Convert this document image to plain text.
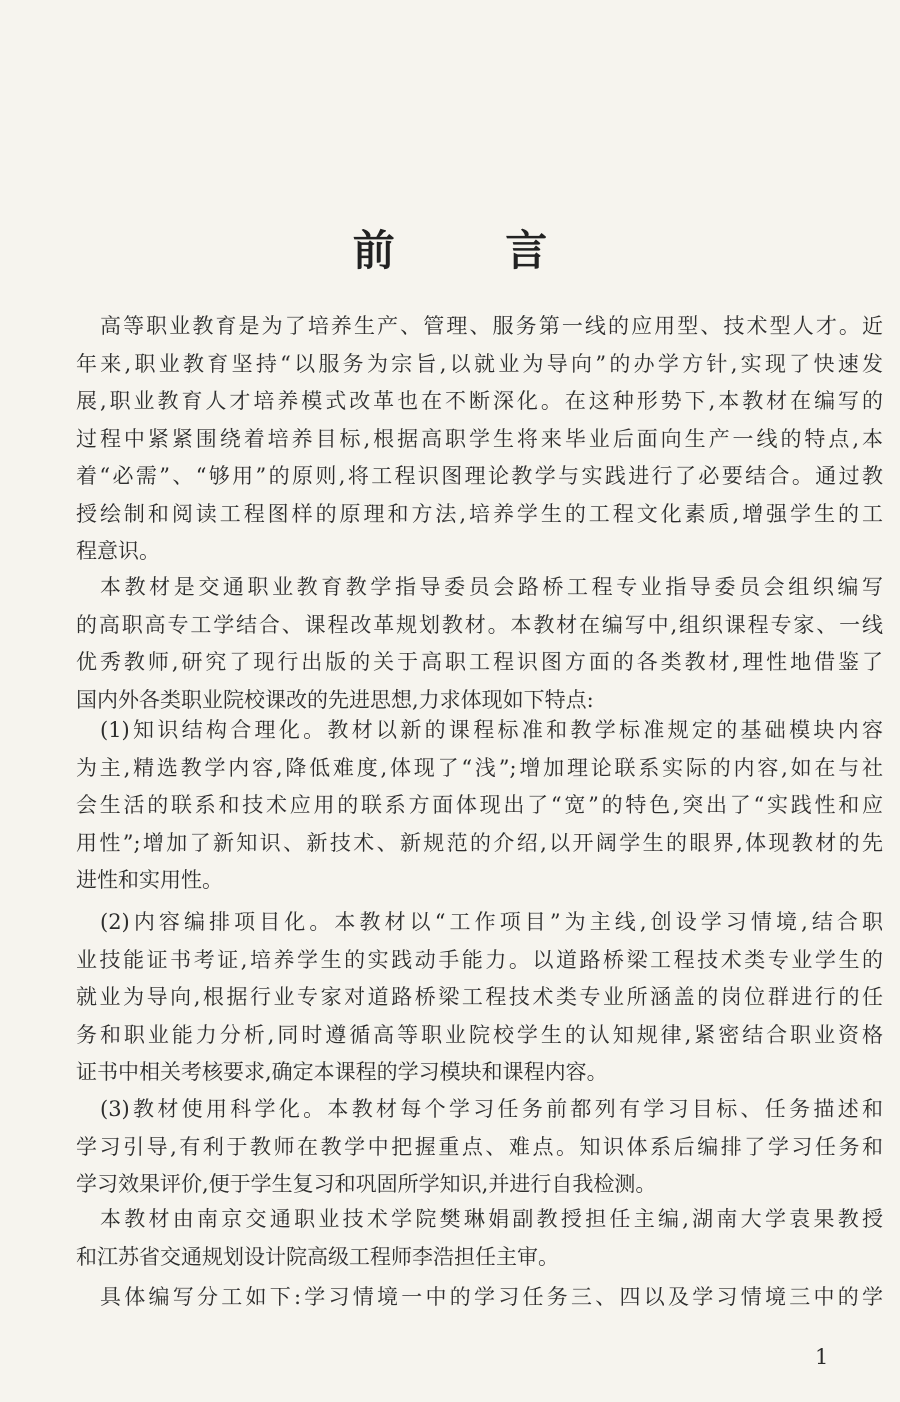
前 言
高等职业教育是为了培养生产、管理、服务第一线的应用型、技术型人才。近
年来,职业教育坚持“以服务为宗旨,以就业为导向”的办学方针,实现了快速发
展,职业教育人才培养模式改革也在不断深化。在这种形势下,本教材在编写的
过程中紧紧围绕着培养目标,根据高职学生将来毕业后面向生产一线的特点,本
着“必需”、“够用”的原则,将工程识图理论教学与实践进行了必要结合。通过教
授绘制和阅读工程图样的原理和方法,培养学生的工程文化素质,增强学生的工
程意识。
本教材是交通职业教育教学指导委员会路桥工程专业指导委员会组织编写
的高职高专工学结合、课程改革规划教材。本教材在编写中,组织课程专家、一线
优秀教师,研究了现行出版的关于高职工程识图方面的各类教材,理性地借鉴了
国内外各类职业院校课改的先进思想,力求体现如下特点:
(1)知识结构合理化。教材以新的课程标准和教学标准规定的基础模块内容
为主,精选教学内容,降低难度,体现了“浅”;增加理论联系实际的内容,如在与社
会生活的联系和技术应用的联系方面体现出了“宽”的特色,突出了“实践性和应
用性”;增加了新知识、新技术、新规范的介绍,以开阔学生的眼界,体现教材的先
进性和实用性。
(2)内容编排项目化。本教材以“工作项目”为主线,创设学习情境,结合职
业技能证书考证,培养学生的实践动手能力。以道路桥梁工程技术类专业学生的
就业为导向,根据行业专家对道路桥梁工程技术类专业所涵盖的岗位群进行的任
务和职业能力分析,同时遵循高等职业院校学生的认知规律,紧密结合职业资格
证书中相关考核要求,确定本课程的学习模块和课程内容。
(3)教材使用科学化。本教材每个学习任务前都列有学习目标、任务描述和
学习引导,有利于教师在教学中把握重点、难点。知识体系后编排了学习任务和
学习效果评价,便于学生复习和巩固所学知识,并进行自我检测。
本教材由南京交通职业技术学院樊琳娟副教授担任主编,湖南大学袁果教授
和江苏省交通规划设计院高级工程师李浩担任主审。
具体编写分工如下:学习情境一中的学习任务三、四以及学习情境三中的学
1
